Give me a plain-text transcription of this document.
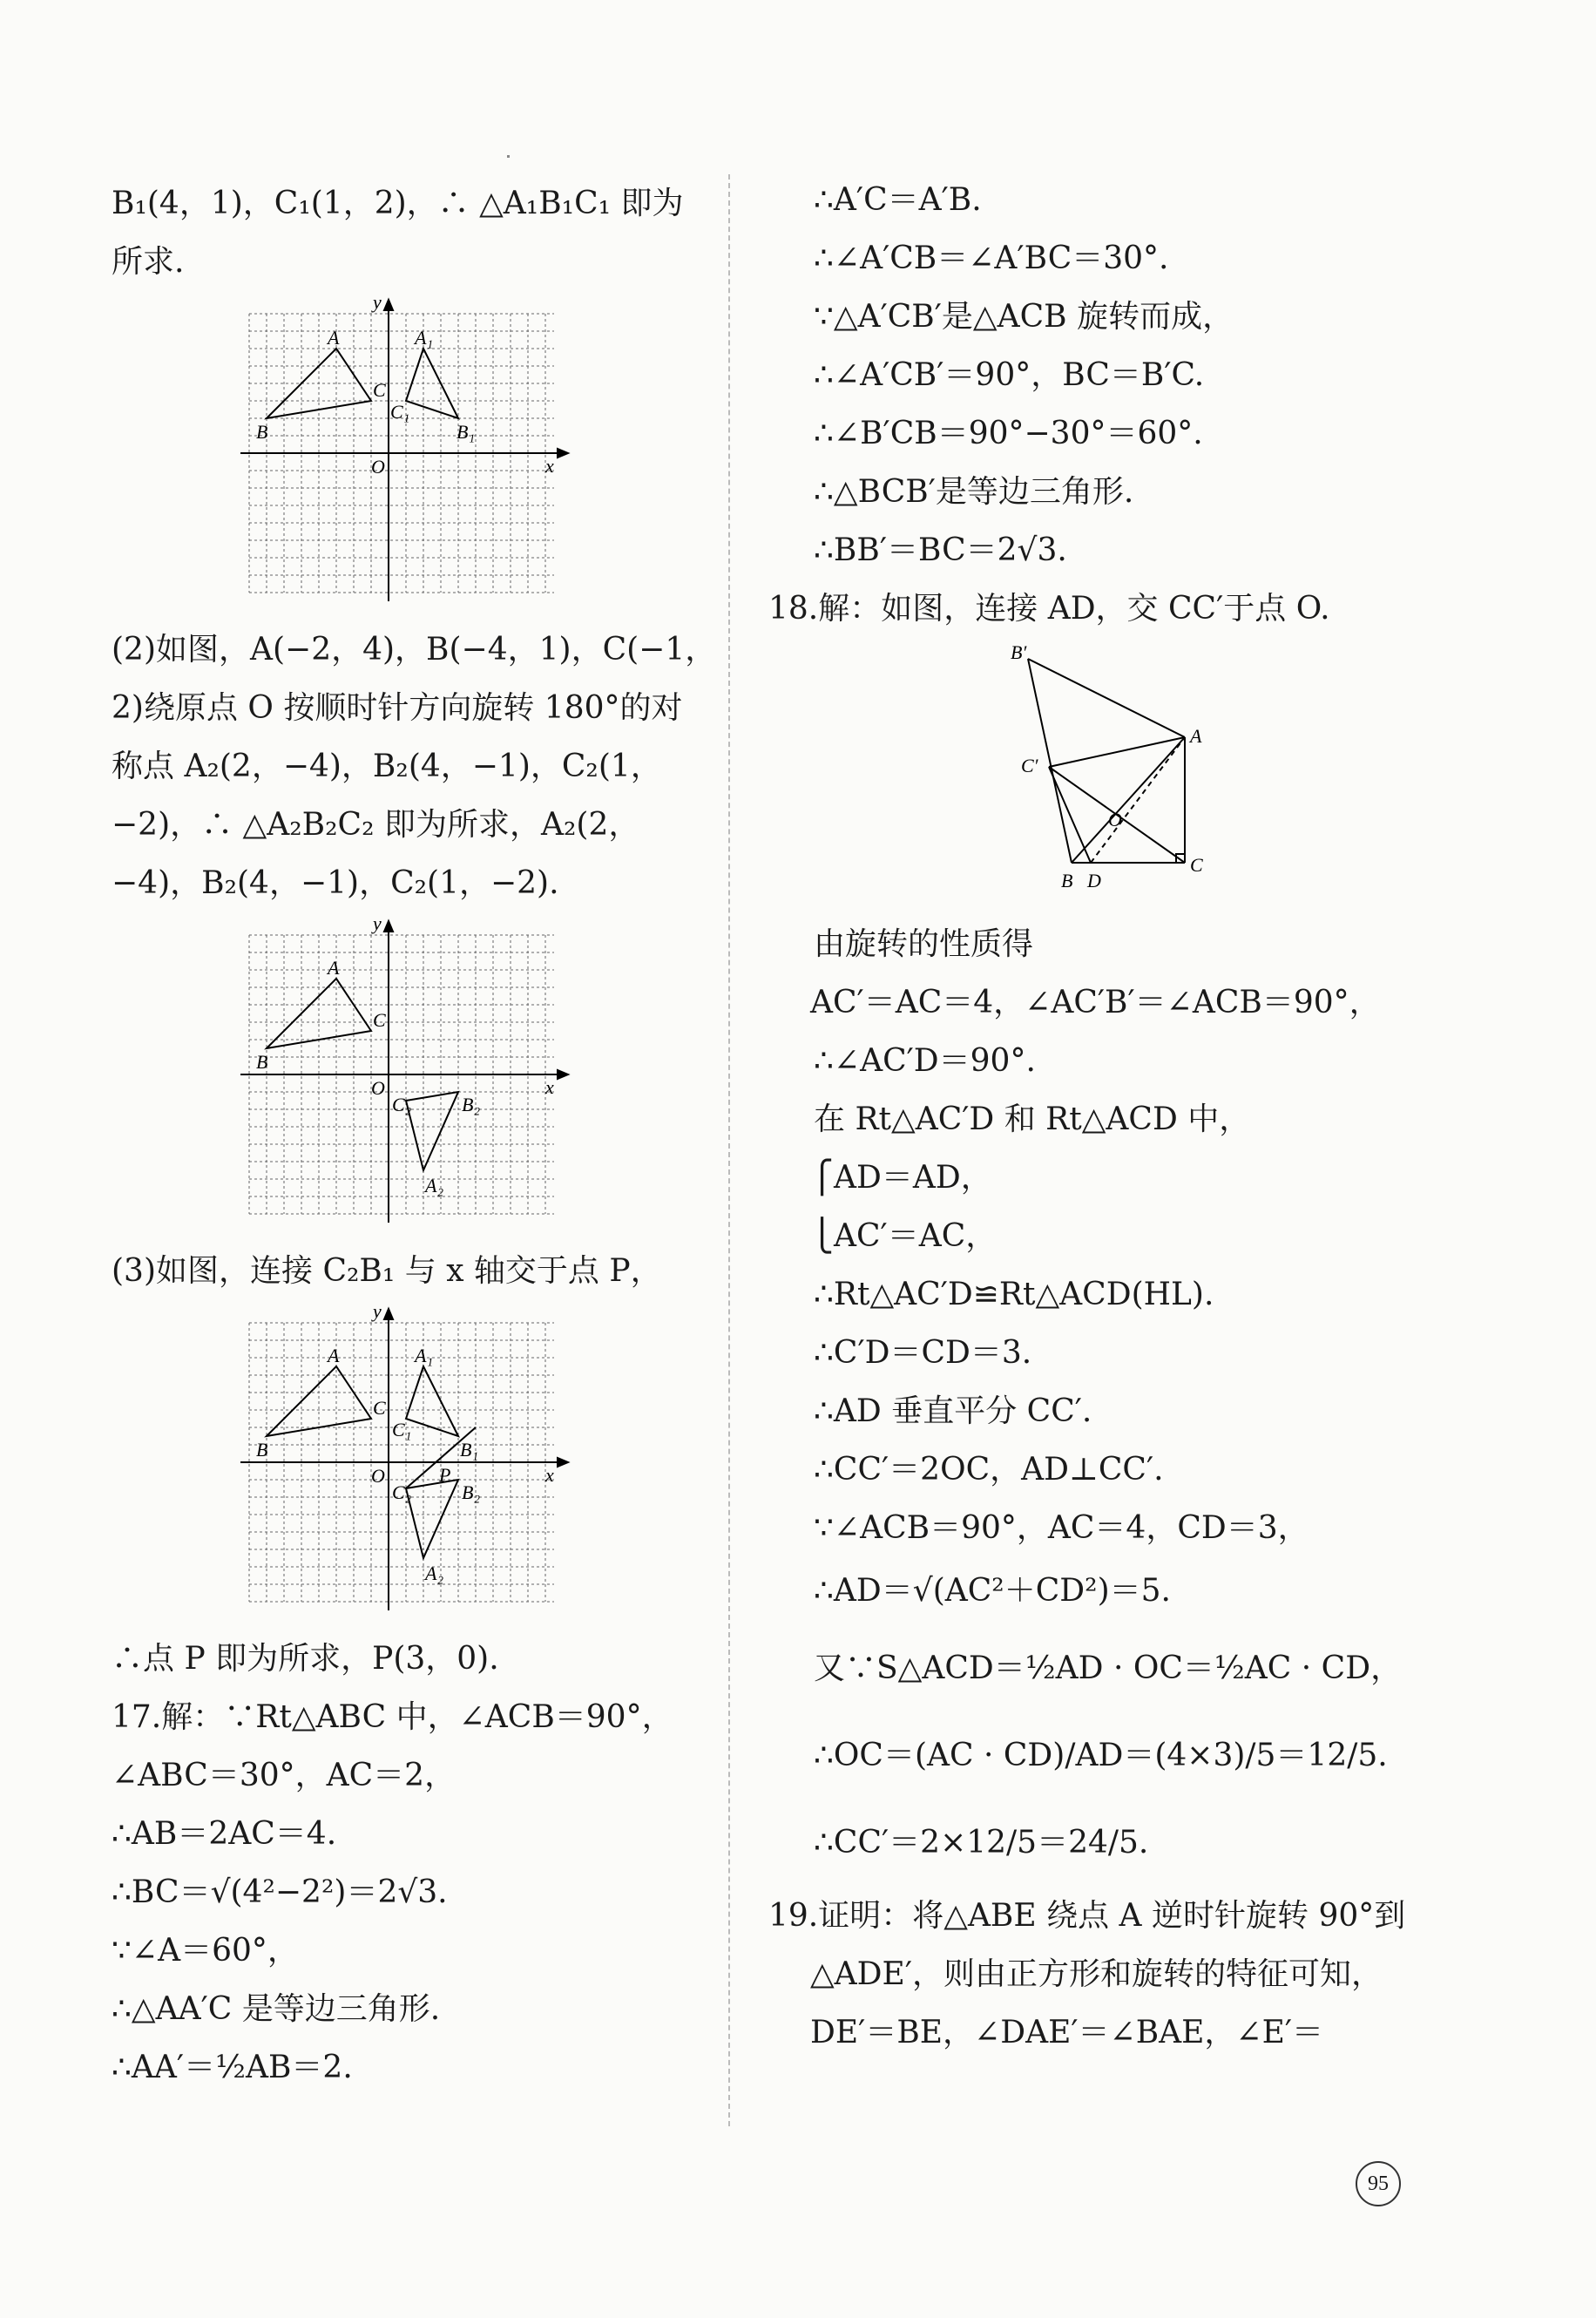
B₁(4，1)，C₁(1，2)，∴ △A₁B₁C₁ 即为
所求.
y
x
O
A
B
C
A₁
B₁
C₁
(2)如图，A(−2，4)，B(−4，1)，C(−1，
2)绕原点 O 按顺时针方向旋转 180°的对
称点 A₂(2，−4)，B₂(4，−1)，C₂(1，
−2)，∴ △A₂B₂C₂ 即为所求，A₂(2，
−4)，B₂(4，−1)，C₂(1，−2).
y
x
O
A
B
C
A₂
B₂
C₂
(3)如图，连接 C₂B₁ 与 x 轴交于点 P，
y
x
O
A
B
C
A₁
B₁
C₁
A₂
B₂
C₂
P
∴点 P 即为所求，P(3，0).
17.解：∵Rt△ABC 中，∠ACB＝90°，
∠ABC＝30°，AC＝2，
∴AB＝2AC＝4.
∴BC＝√(4²−2²)＝2√3.
∵∠A＝60°，
∴△AA′C 是等边三角形.
∴AA′＝½AB＝2.
∴A′C＝A′B.
∴∠A′CB＝∠A′BC＝30°.
∵△A′CB′是△ACB 旋转而成，
∴∠A′CB′＝90°，BC＝B′C.
∴∠B′CB＝90°−30°＝60°.
∴△BCB′是等边三角形.
∴BB′＝BC＝2√3.
18.解：如图，连接 AD，交 CC′于点 O.
B′
A
C′
O
B D
C
由旋转的性质得
AC′＝AC＝4，∠AC′B′＝∠ACB＝90°，
∴∠AC′D＝90°.
在 Rt△AC′D 和 Rt△ACD 中，
⎧AD＝AD，
⎩AC′＝AC，
∴Rt△AC′D≌Rt△ACD(HL).
∴C′D＝CD＝3.
∴AD 垂直平分 CC′.
∴CC′＝2OC，AD⊥CC′.
∵∠ACB＝90°，AC＝4，CD＝3，
∴AD＝√(AC²＋CD²)＝5.
又∵S△ACD＝½AD · OC＝½AC · CD，
∴OC＝(AC · CD)/AD＝(4×3)/5＝12/5.
∴CC′＝2×12/5＝24/5.
19.证明：将△ABE 绕点 A 逆时针旋转 90°到
△ADE′，则由正方形和旋转的特征可知，
DE′＝BE，∠DAE′＝∠BAE，∠E′＝
95
